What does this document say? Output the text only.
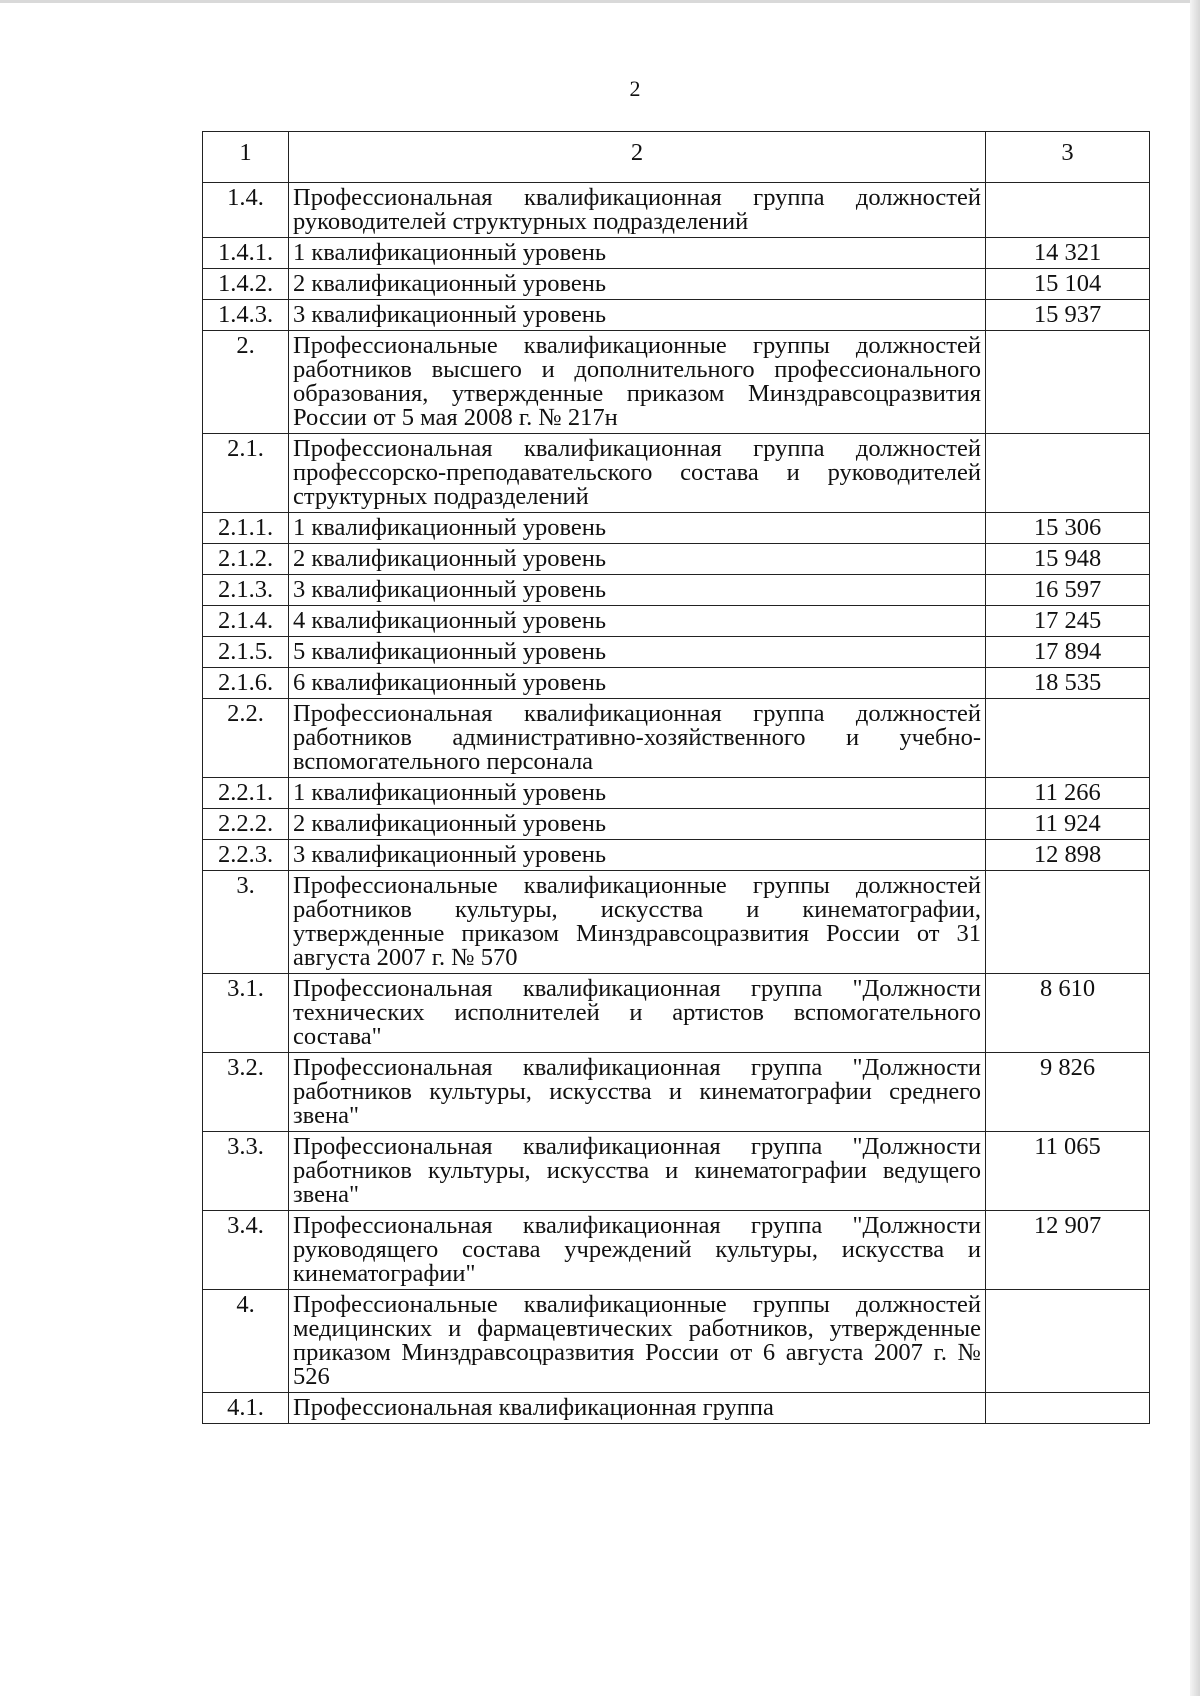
2
1	2	3
1.4.	Профессиональная квалификационная группа должностей руководителей структурных подразделений	
1.4.1.	1 квалификационный уровень	14 321
1.4.2.	2 квалификационный уровень	15 104
1.4.3.	3 квалификационный уровень	15 937
2.	Профессиональные квалификационные группы должностей работников высшего и дополнительного профессионального образования, утвержденные приказом Минздравсоцразвития России от 5 мая 2008 г. № 217н	
2.1.	Профессиональная квалификационная группа должностей профессорско-преподавательского состава и руководителей структурных подразделений	
2.1.1.	1 квалификационный уровень	15 306
2.1.2.	2 квалификационный уровень	15 948
2.1.3.	3 квалификационный уровень	16 597
2.1.4.	4 квалификационный уровень	17 245
2.1.5.	5 квалификационный уровень	17 894
2.1.6.	6 квалификационный уровень	18 535
2.2.	Профессиональная квалификационная группа должностей работников административно-хозяйственного и учебно-вспомогательного персонала	
2.2.1.	1 квалификационный уровень	11 266
2.2.2.	2 квалификационный уровень	11 924
2.2.3.	3 квалификационный уровень	12 898
3.	Профессиональные квалификационные группы должностей работников культуры, искусства и кинематографии, утвержденные приказом Минздравсоцразвития России от 31 августа 2007 г. № 570	
3.1.	Профессиональная квалификационная группа "Должности технических исполнителей и артистов вспомогательного состава"	8 610
3.2.	Профессиональная квалификационная группа "Должности работников культуры, искусства и кинематографии среднего звена"	9 826
3.3.	Профессиональная квалификационная группа "Должности работников культуры, искусства и кинематографии ведущего звена"	11 065
3.4.	Профессиональная квалификационная группа "Должности руководящего состава учреждений культуры, искусства и кинематографии"	12 907
4.	Профессиональные квалификационные группы должностей медицинских и фармацевтических работников, утвержденные приказом Минздравсоцразвития России от 6 августа 2007 г. № 526	
4.1.	Профессиональная квалификационная группа	
